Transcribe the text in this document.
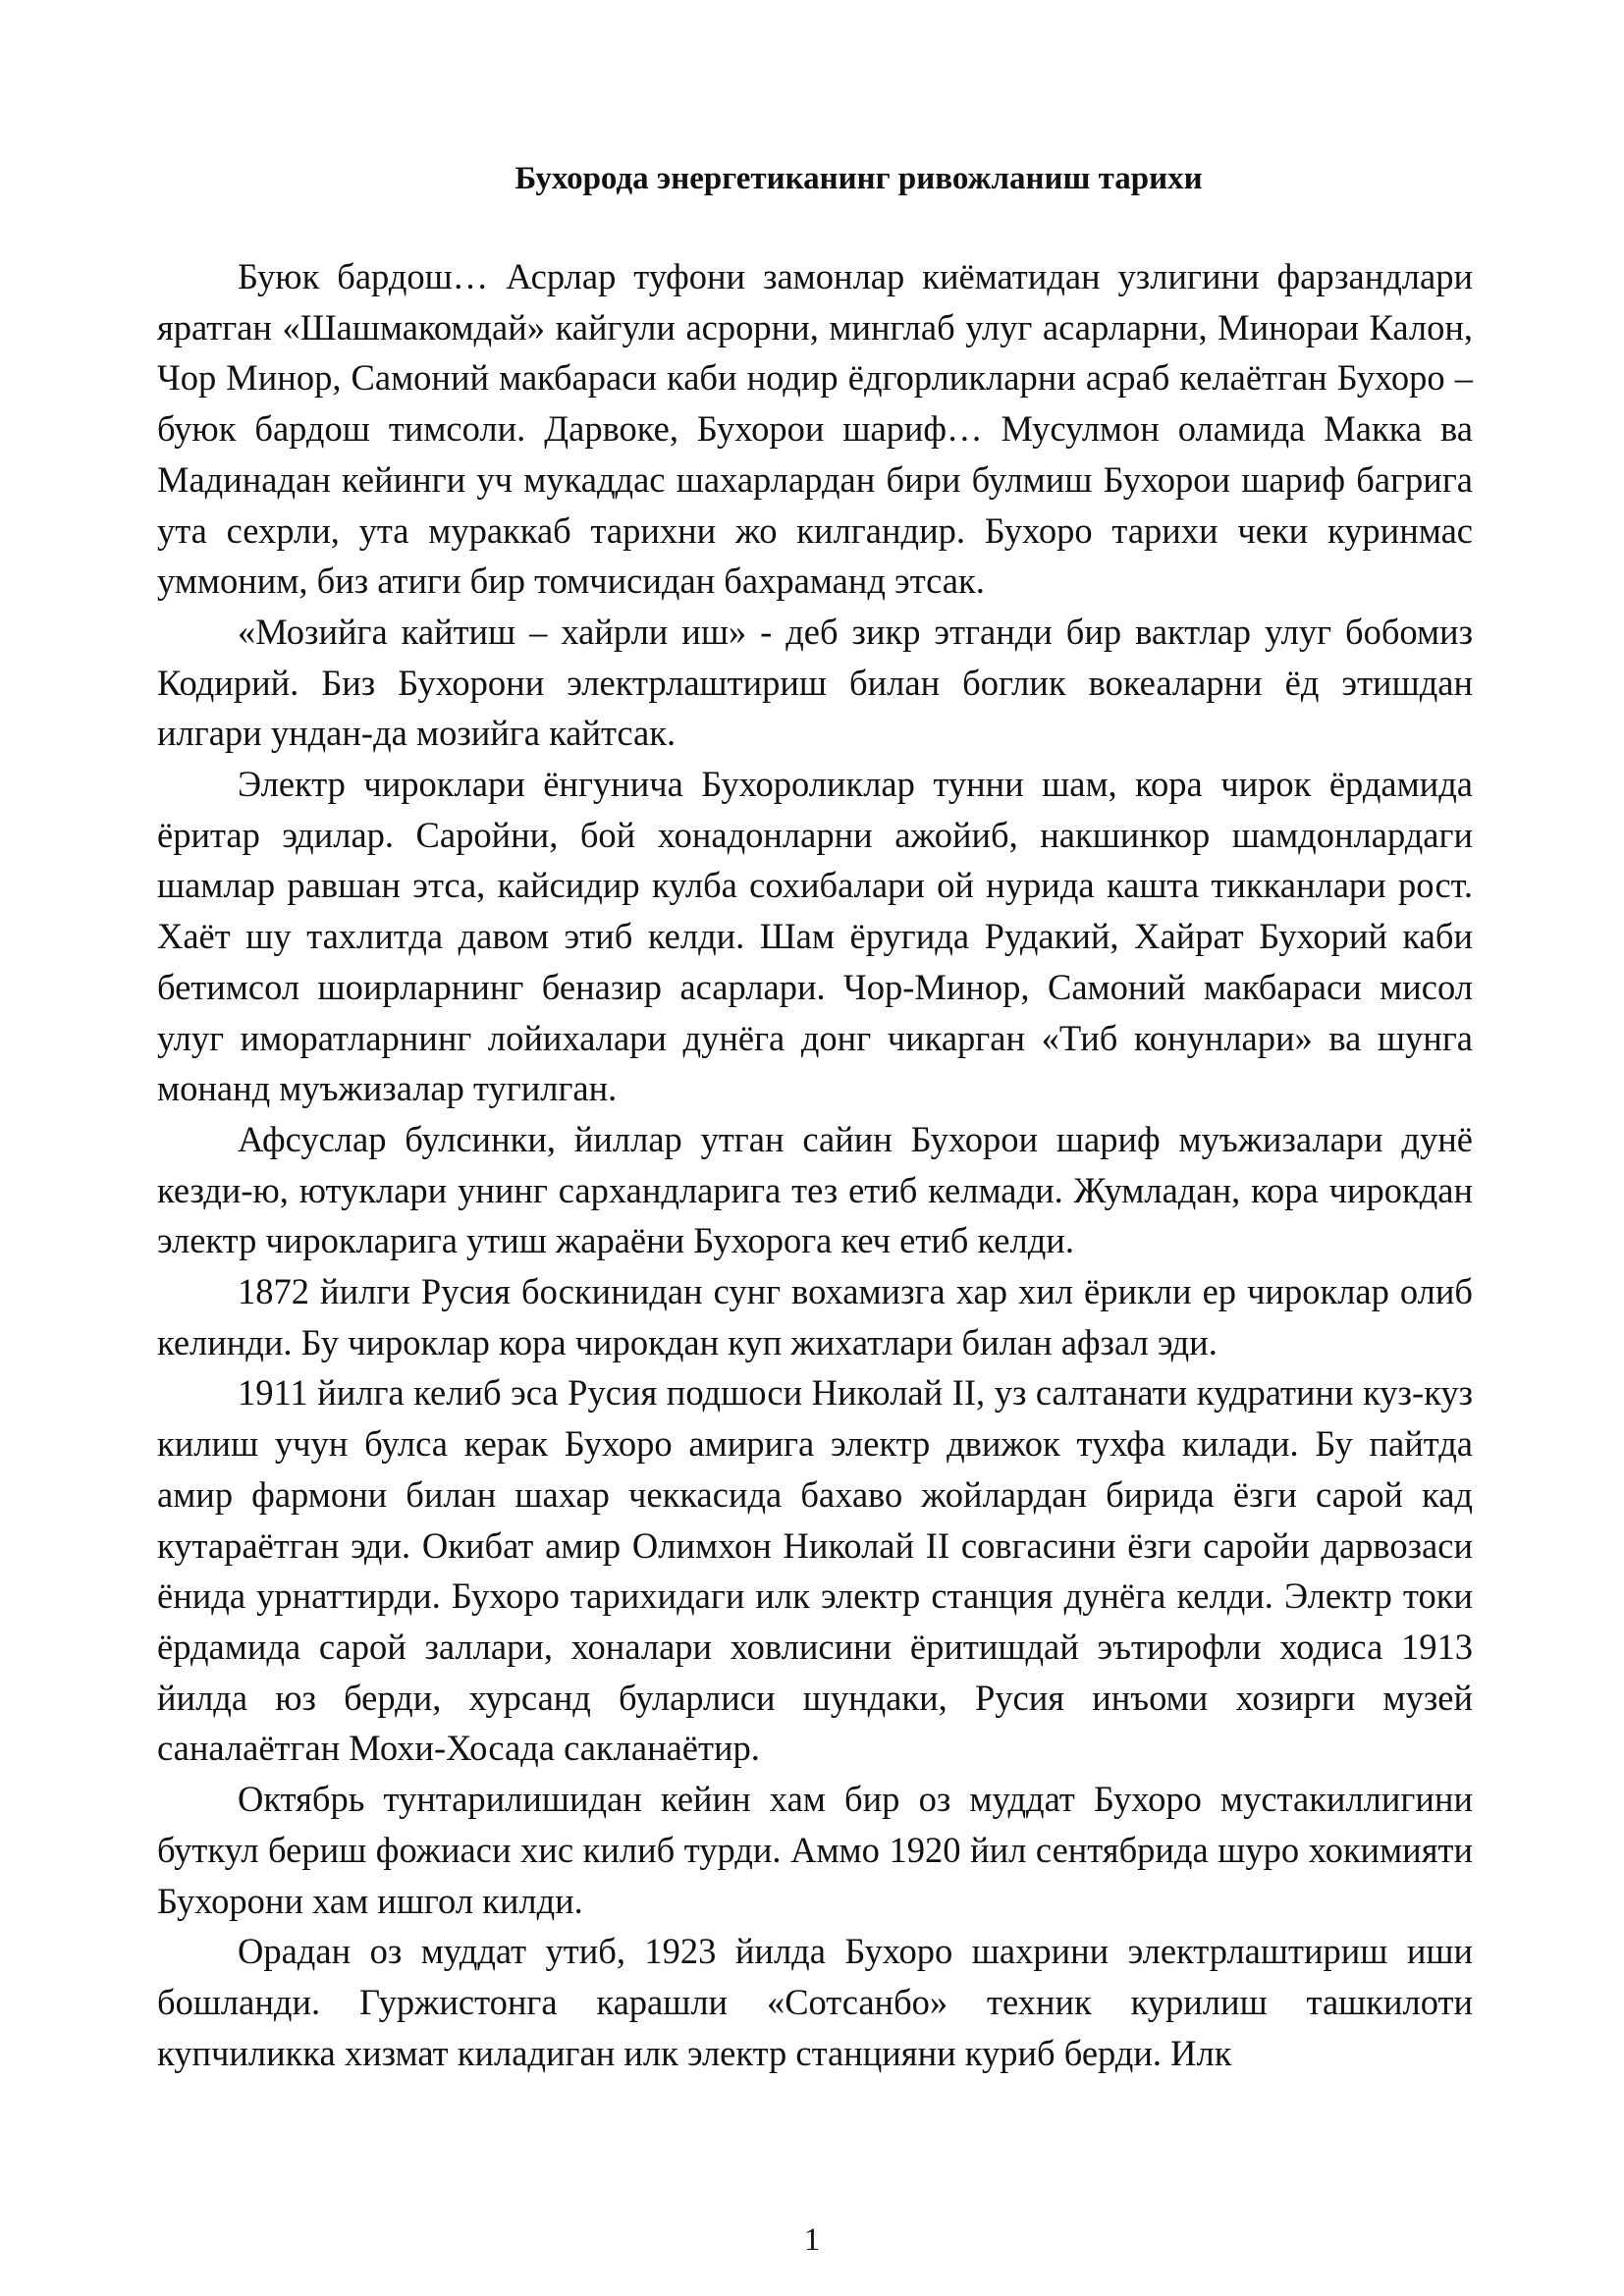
Бухорода энергетиканинг ривожланиш тарихи

Буюк бардош… Асрлар туфони замонлар киёматидан узлигини фарзандлари яратган «Шашмакомдай» кайгули асрорни, минглаб улуг асарларни, Минораи Калон, Чор Минор, Самоний макбараси каби нодир ёдгорликларни асраб келаётган Бухоро – буюк бардош тимсоли. Дарвоке, Бухорои шариф… Мусулмон оламида Макка ва Мадинадан кейинги уч мукаддас шахарлардан бири булмиш Бухорои шариф багрига ута сехрли, ута мураккаб тарихни жо килгандир. Бухоро тарихи чеки куринмас уммоним, биз атиги бир томчисидан бахраманд этсак.

«Мозийга кайтиш – хайрли иш» - деб зикр этганди бир вактлар улуг бобомиз Кодирий. Биз Бухорони электрлаштириш билан боглик вокеаларни ёд этишдан илгари ундан-да мозийга кайтсак.

Электр чироклари ёнгунича Бухороликлар тунни шам, кора чирок ёрдамида ёритар эдилар. Саройни, бой хонадонларни ажойиб, накшинкор шамдонлардаги шамлар равшан этса, кайсидир кулба сохибалари ой нурида кашта тикканлари рост. Хаёт шу тахлитда давом этиб келди. Шам ёругида Рудакий, Хайрат Бухорий каби бетимсол шоирларнинг беназир асарлари. Чор-Минор, Самоний макбараси мисол улуг иморатларнинг лойихалари дунёга донг чикарган «Тиб конунлари» ва шунга монанд муъжизалар тугилган.

Афсуслар булсинки, йиллар утган сайин Бухорои шариф муъжизалари дунё кезди-ю, ютуклари унинг сархандларига тез етиб келмади. Жумладан, кора чирокдан электр чирокларига утиш жараёни Бухорога кеч етиб келди.

1872 йилги Русия боскинидан сунг вохамизга хар хил ёрикли ер чироклар олиб келинди. Бу чироклар кора чирокдан куп жихатлари билан афзал эди.

1911 йилга келиб эса Русия подшоси Николай II, уз салтанати кудратини куз-куз килиш учун булса керак Бухоро амирига электр движок тухфа килади. Бу пайтда амир фармони билан шахар чеккасида бахаво жойлардан бирида ёзги сарой кад кутараётган эди. Окибат амир Олимхон Николай II совгасини ёзги саройи дарвозаси ёнида урнаттирди. Бухоро тарихидаги илк электр станция дунёга келди. Электр токи ёрдамида сарой заллари, хоналари ховлисини ёритишдай эътирофли ходиса 1913 йилда юз берди, хурсанд буларлиси шундаки, Русия инъоми хозирги музей саналаётган Мохи-Хосада сакланаётир.

Октябрь тунтарилишидан кейин хам бир оз муддат Бухоро мустакиллигини буткул бериш фожиаси хис килиб турди. Аммо 1920 йил сентябрида шуро хокимияти Бухорони хам ишгол килди.

Орадан оз муддат утиб, 1923 йилда Бухоро шахрини электрлаштириш иши бошланди. Гуржистонга карашли «Сотсанбо» техник курилиш ташкилоти купчиликка хизмат киладиган илк электр станцияни куриб берди. Илк

1
